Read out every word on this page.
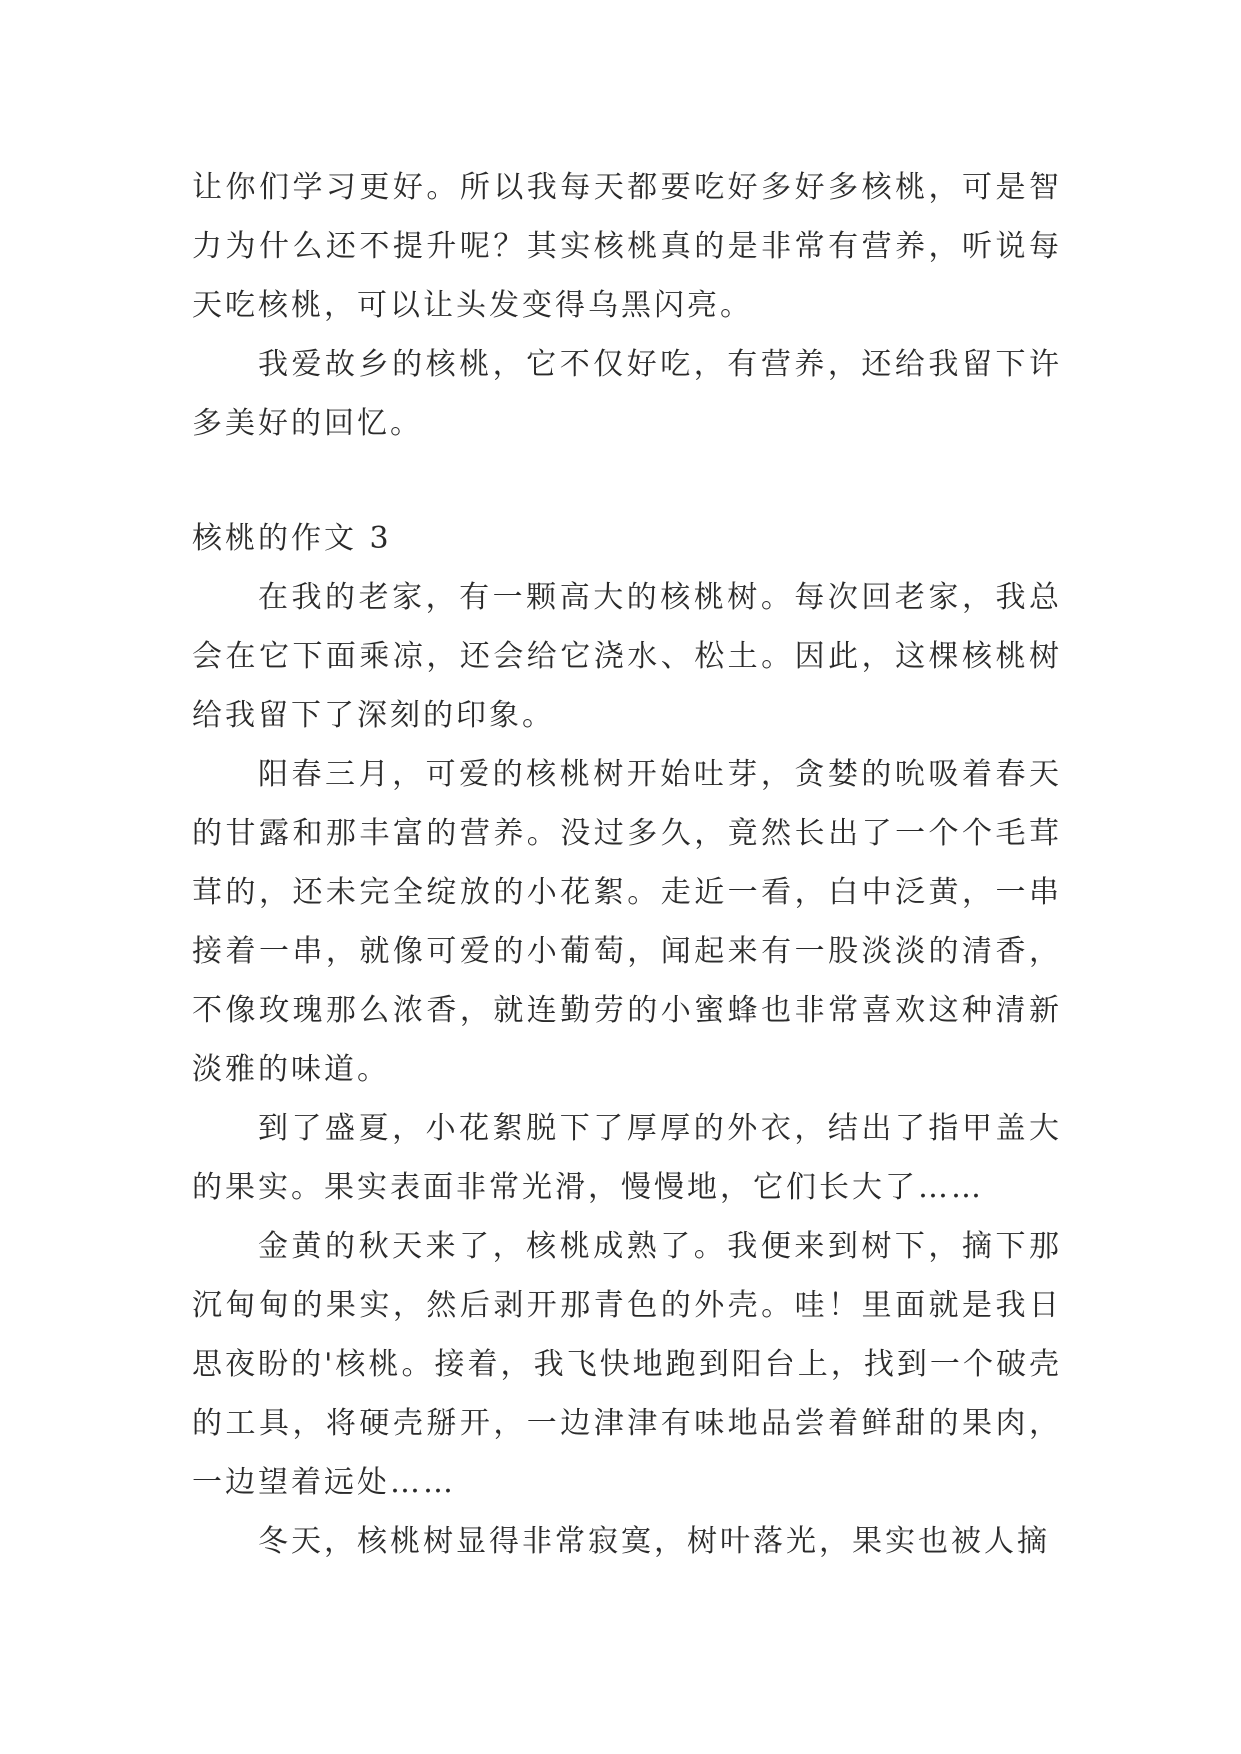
让你们学习更好。所以我每天都要吃好多好多核桃，可是智力为什么还不提升呢？其实核桃真的是非常有营养，听说每天吃核桃，可以让头发变得乌黑闪亮。

我爱故乡的核桃，它不仅好吃，有营养，还给我留下许多美好的回忆。

核桃的作文 3

在我的老家，有一颗高大的核桃树。每次回老家，我总会在它下面乘凉，还会给它浇水、松土。因此，这棵核桃树给我留下了深刻的印象。

阳春三月，可爱的核桃树开始吐芽，贪婪的吮吸着春天的甘露和那丰富的营养。没过多久，竟然长出了一个个毛茸茸的，还未完全绽放的小花絮。走近一看，白中泛黄，一串接着一串，就像可爱的小葡萄，闻起来有一股淡淡的清香，不像玫瑰那么浓香，就连勤劳的小蜜蜂也非常喜欢这种清新淡雅的味道。

到了盛夏，小花絮脱下了厚厚的外衣，结出了指甲盖大的果实。果实表面非常光滑，慢慢地，它们长大了……

金黄的秋天来了，核桃成熟了。我便来到树下，摘下那沉甸甸的果实，然后剥开那青色的外壳。哇！里面就是我日思夜盼的'核桃。接着，我飞快地跑到阳台上，找到一个破壳的工具，将硬壳掰开，一边津津有味地品尝着鲜甜的果肉，一边望着远处……

冬天，核桃树显得非常寂寞，树叶落光，果实也被人摘
